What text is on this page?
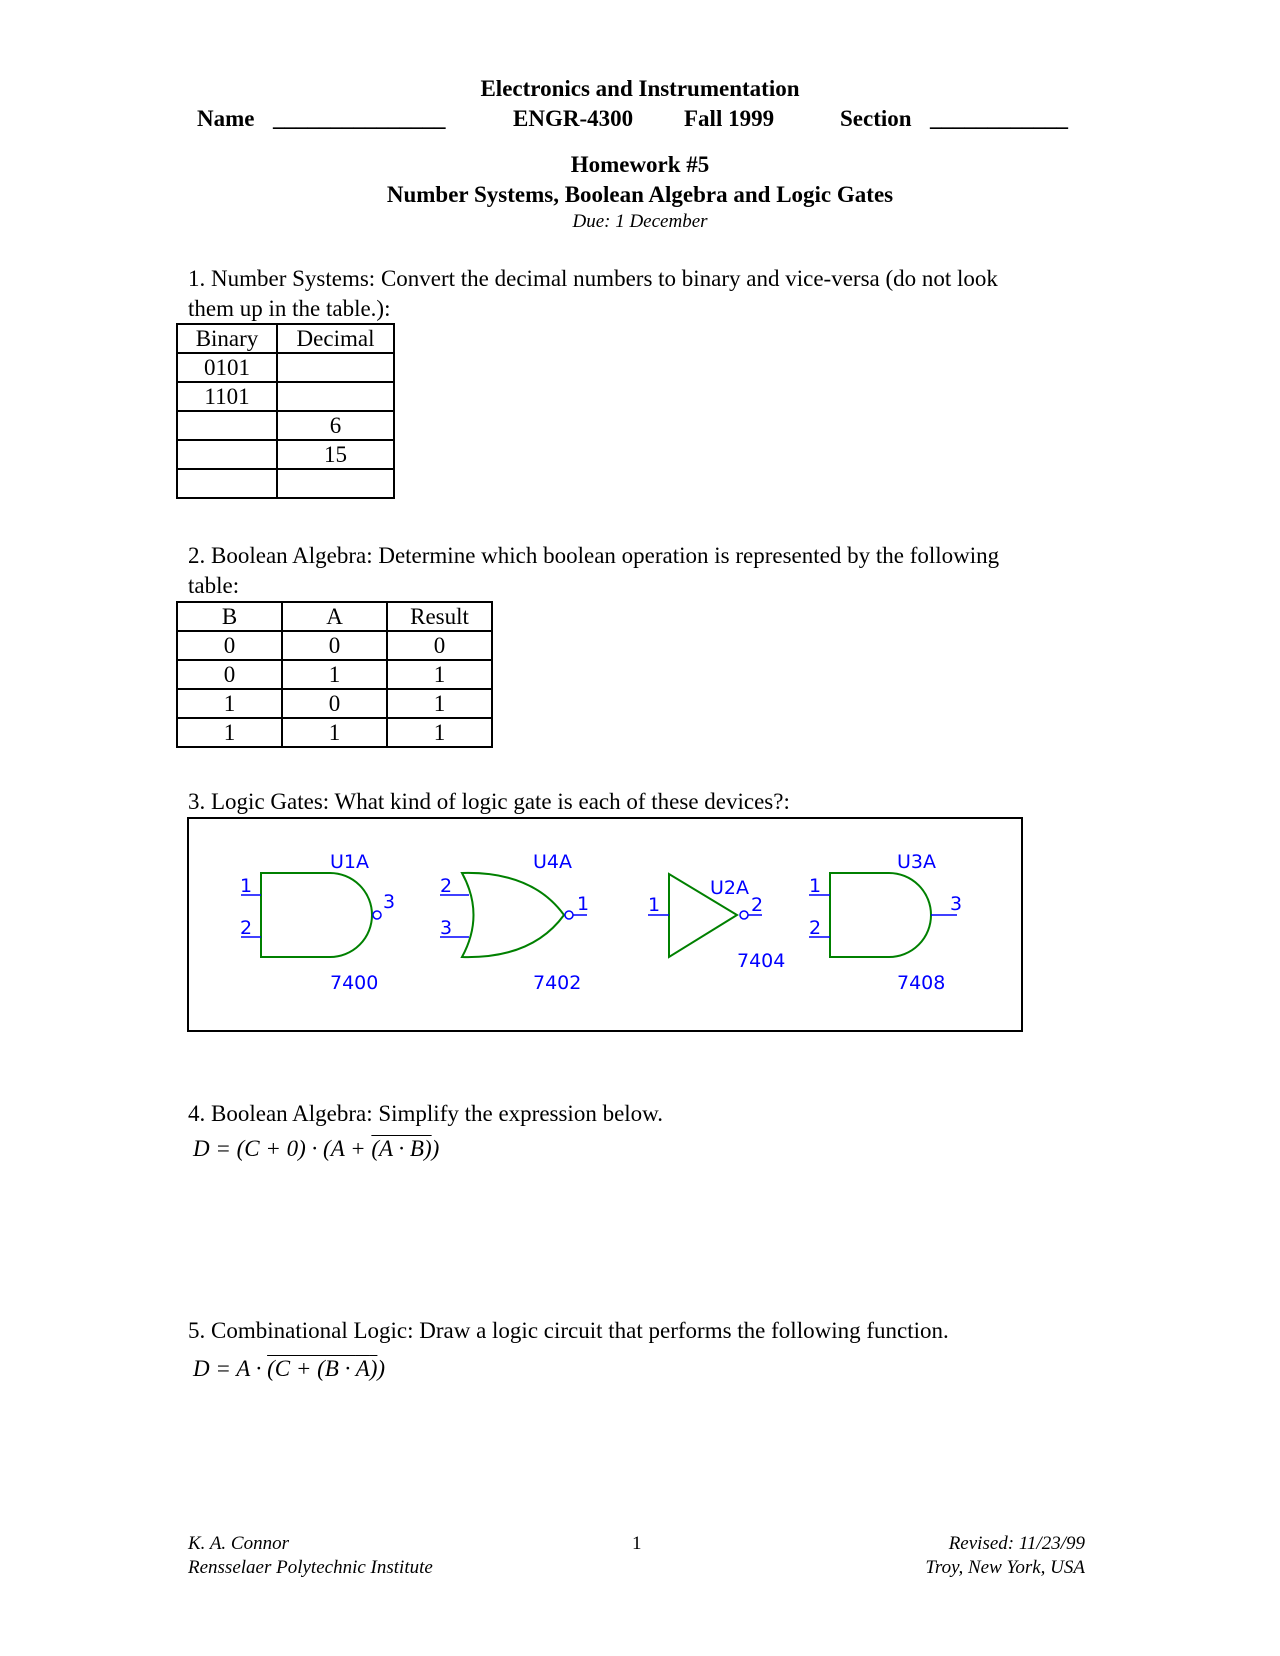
Electronics and Instrumentation
Name _______________	ENGR-4300 Fall 1999	Section ____________
Homework #5
Number Systems, Boolean Algebra and Logic Gates
Due: 1 December
1. Number Systems: Convert the decimal numbers to binary and vice-versa (do not look
them up in the table.):
Binary	Decimal
0101	
1101	
	6
	15

2. Boolean Algebra: Determine which boolean operation is represented by the following
table:
B	A	Result
0	0	0
0	1	1
1	0	1
1	1	1
3. Logic Gates: What kind of logic gate is each of these devices?:
1
2
3
U1A
7400
2
3
1
U4A
7402
1	2
U2A
7404
1
2
3
U3A
7408
4. Boolean Algebra: Simplify the expression below.
D = (C + 0) · (A + (A · B))
5. Combinational Logic: Draw a logic circuit that performs the following function.
D = A · (C + (B · A))
K. A. Connor
Rensselaer Polytechnic Institute
1	Revised: 11/23/99
Troy, New York, USA
